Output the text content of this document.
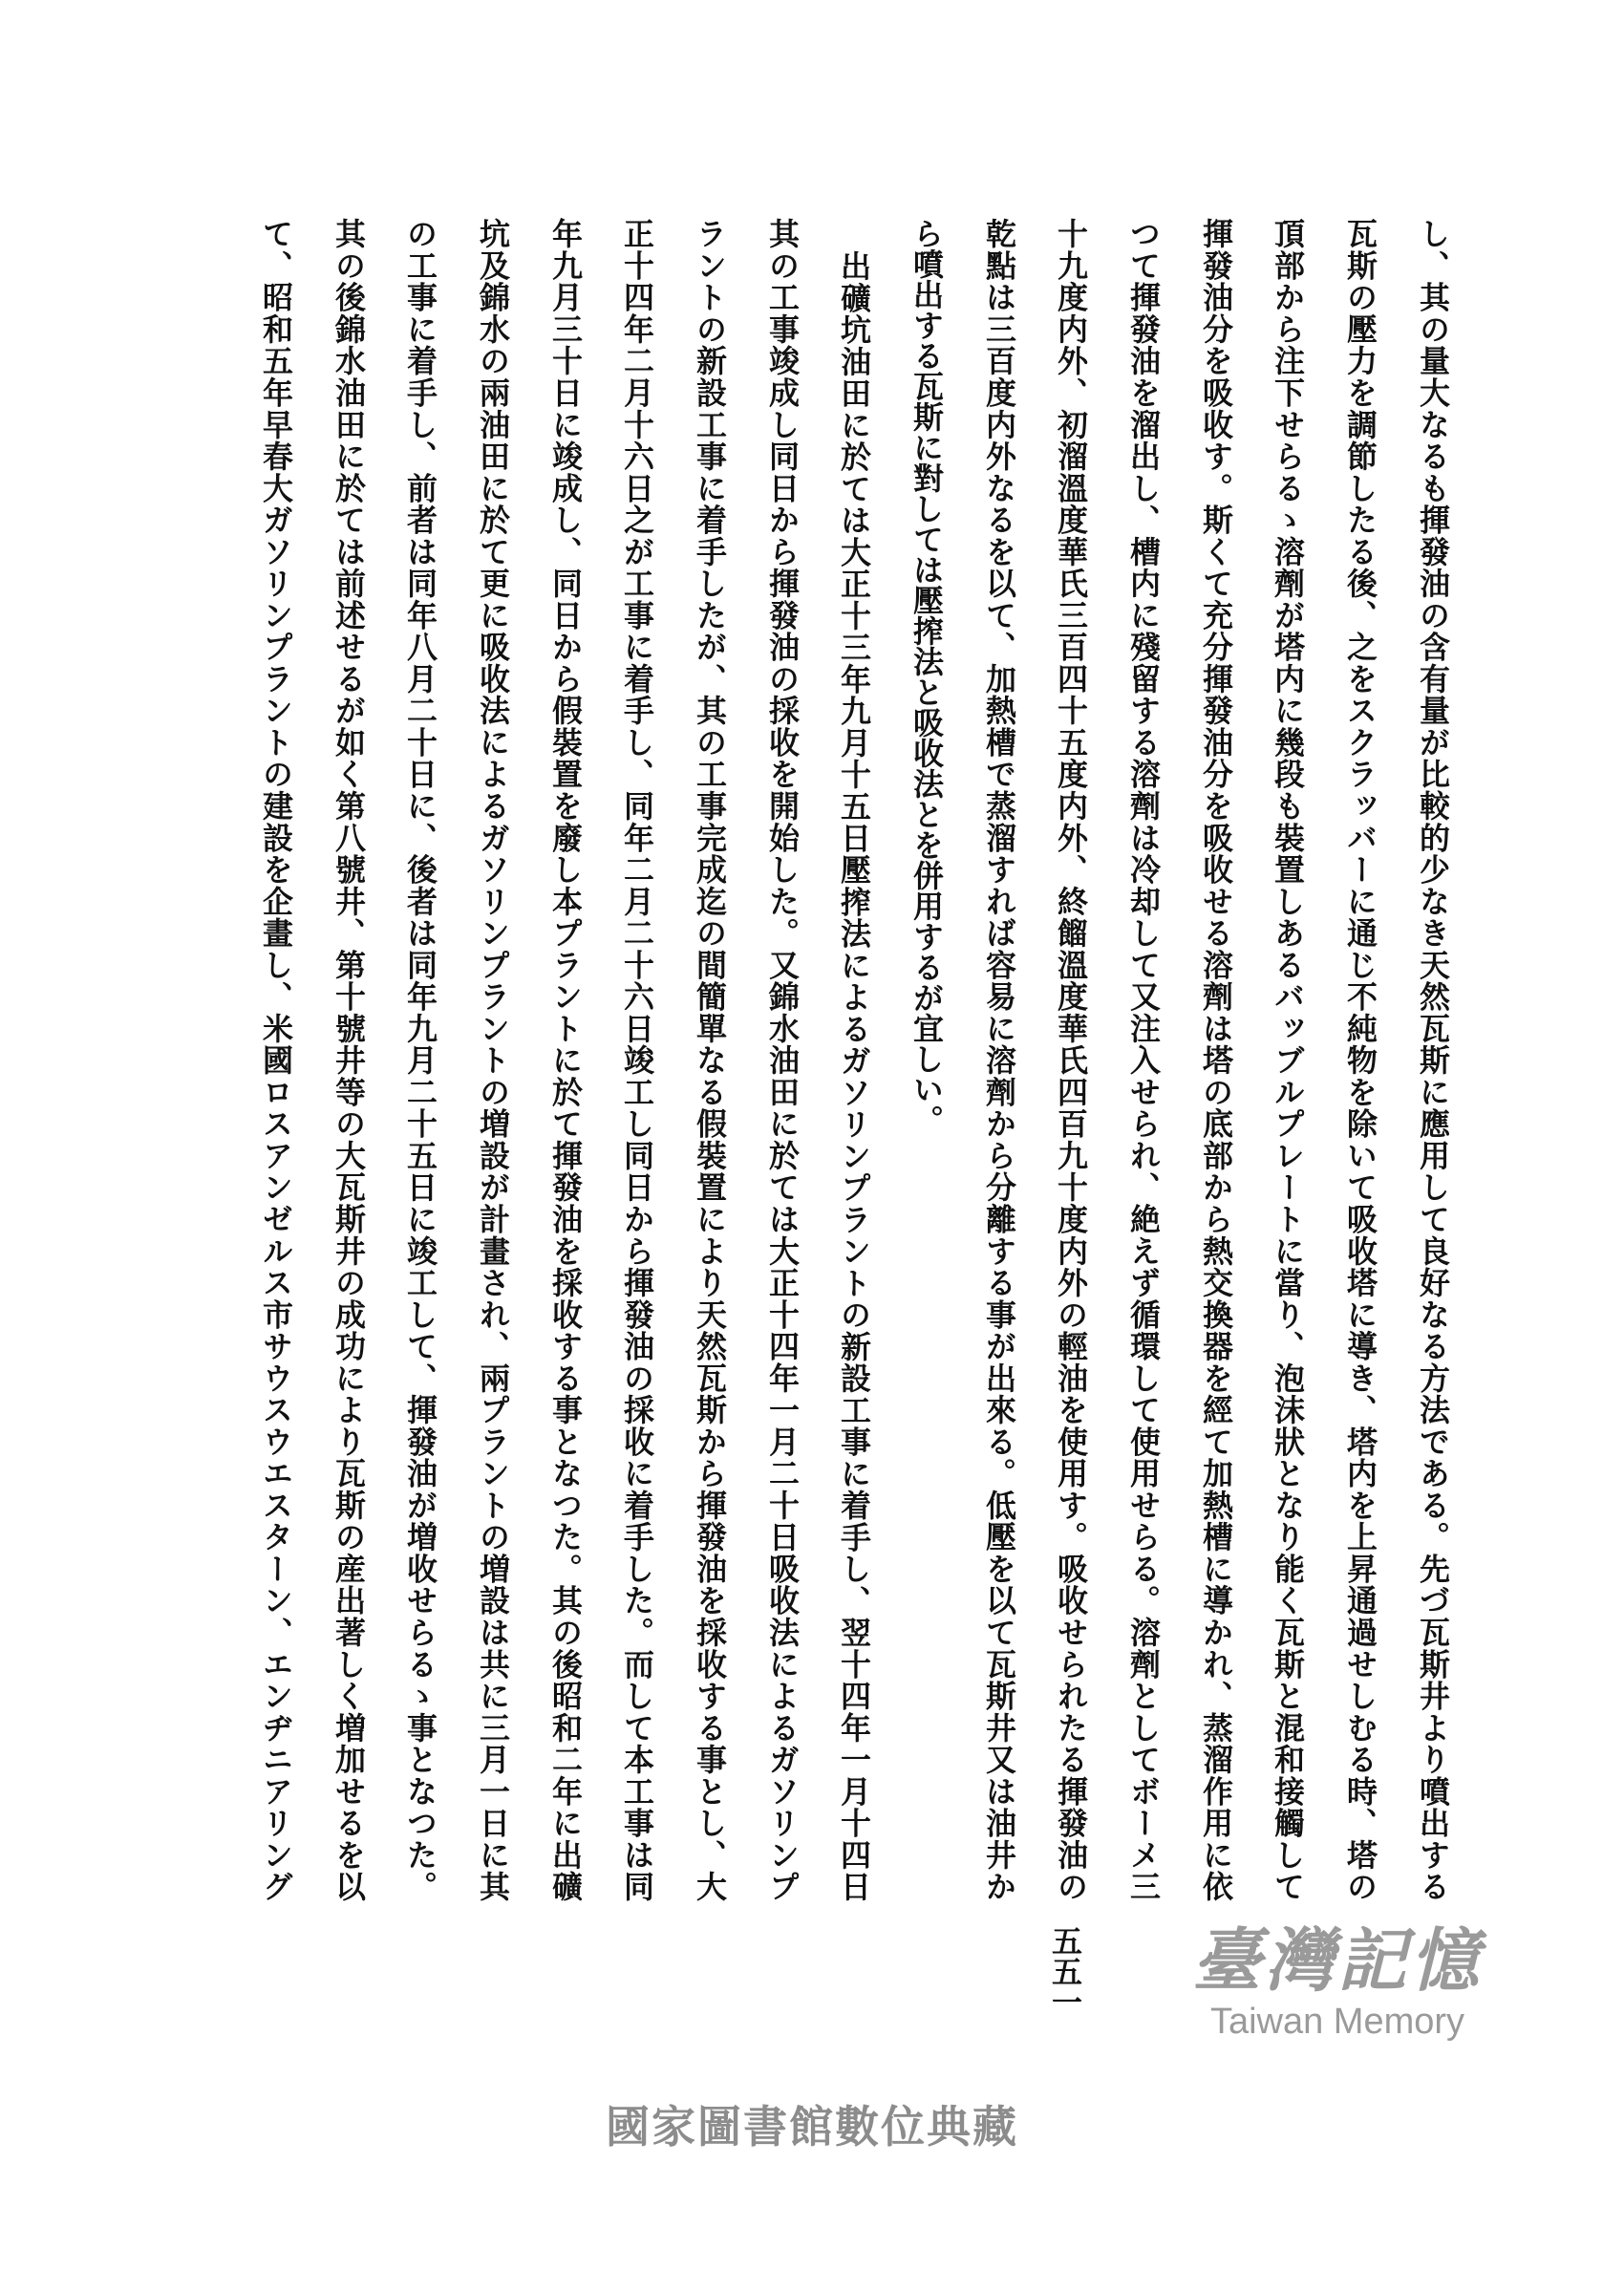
し、其の量大なるも揮發油の含有量が比較的少なき天然瓦斯に應用して良好なる方法である。先づ瓦斯井より噴出する
瓦斯の壓力を調節したる後、之をスクラッバーに通じ不純物を除いて吸收塔に導き、塔内を上昇通過せしむる時、塔の
頂部から注下せらるゝ溶劑が塔内に幾段も裝置しあるバッブルプレートに當り、泡沫狀となり能く瓦斯と混和接觸して
揮發油分を吸收す。斯くて充分揮發油分を吸收せる溶劑は塔の底部から熱交換器を經て加熱槽に導かれ、蒸溜作用に依
つて揮發油を溜出し、槽内に殘留する溶劑は冷却して又注入せられ、絶えず循環して使用せらる。溶劑としてボーメ三
十九度内外、初溜溫度華氏三百四十五度内外、終餾溫度華氏四百九十度内外の輕油を使用す。吸收せられたる揮發油の
乾點は三百度内外なるを以て、加熱槽で蒸溜すれば容易に溶劑から分離する事が出來る。低壓を以て瓦斯井又は油井か
ら噴出する瓦斯に對しては壓搾法と吸收法とを併用するが宜しい。
出礦坑油田に於ては大正十三年九月十五日壓搾法によるガソリンプラントの新設工事に着手し、翌十四年一月十四日
其の工事竣成し同日から揮發油の採收を開始した。又錦水油田に於ては大正十四年一月二十日吸收法によるガソリンプ
ラントの新設工事に着手したが、其の工事完成迄の間簡單なる假裝置により天然瓦斯から揮發油を採收する事とし、大
正十四年二月十六日之が工事に着手し、同年二月二十六日竣工し同日から揮發油の採收に着手した。而して本工事は同
年九月三十日に竣成し、同日から假裝置を廢し本プラントに於て揮發油を採收する事となつた。其の後昭和二年に出礦
坑及錦水の兩油田に於て更に吸收法によるガソリンプラントの増設が計畫され、兩プラントの増設は共に三月一日に其
の工事に着手し、前者は同年八月二十日に、後者は同年九月二十五日に竣工して、揮發油が増收せらるゝ事となつた。
其の後錦水油田に於ては前述せるが如く第八號井、第十號井等の大瓦斯井の成功により瓦斯の産出著しく増加せるを以
て、昭和五年早春大ガソリンプラントの建設を企畫し、米國ロスアンゼルス市サウスウエスターン、エンヂニアリング
五五一	臺灣記憶
Taiwan Memory
國家圖書館數位典藏
